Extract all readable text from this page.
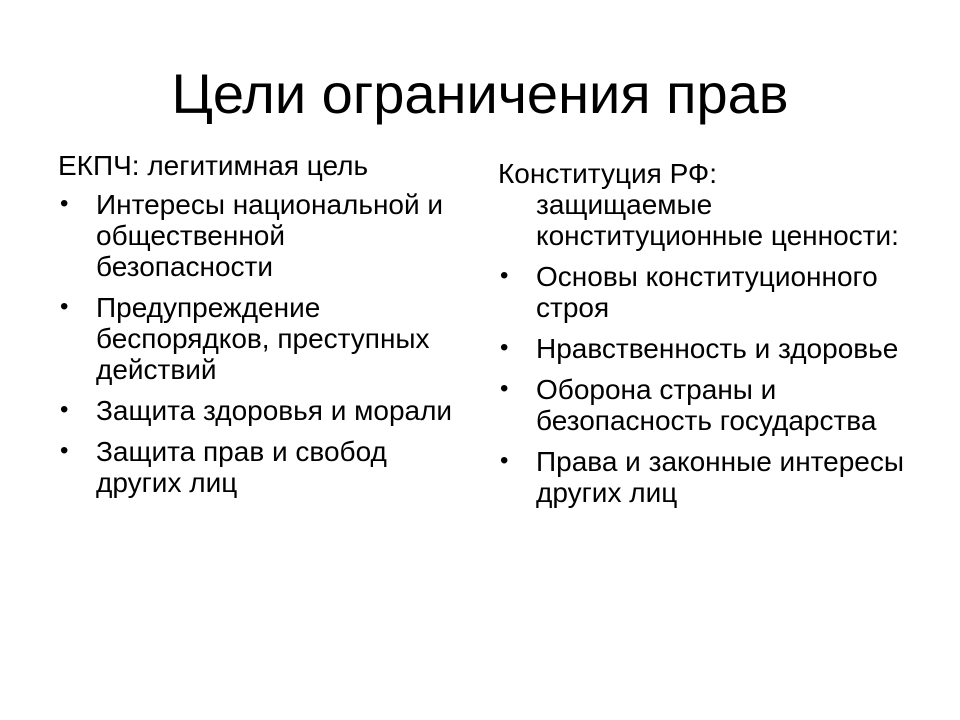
Цели ограничения прав
ЕКПЧ: легитимная цель
• Интересы национальной и общественной безопасности
• Предупреждение беспорядков, преступных действий
• Защита здоровья и морали
• Защита прав и свобод других лиц
Конституция РФ:
защищаемые конституционные ценности:
• Основы конституционного строя
• Нравственность и здоровье
• Оборона страны и безопасность государства
• Права и законные интересы других лиц
